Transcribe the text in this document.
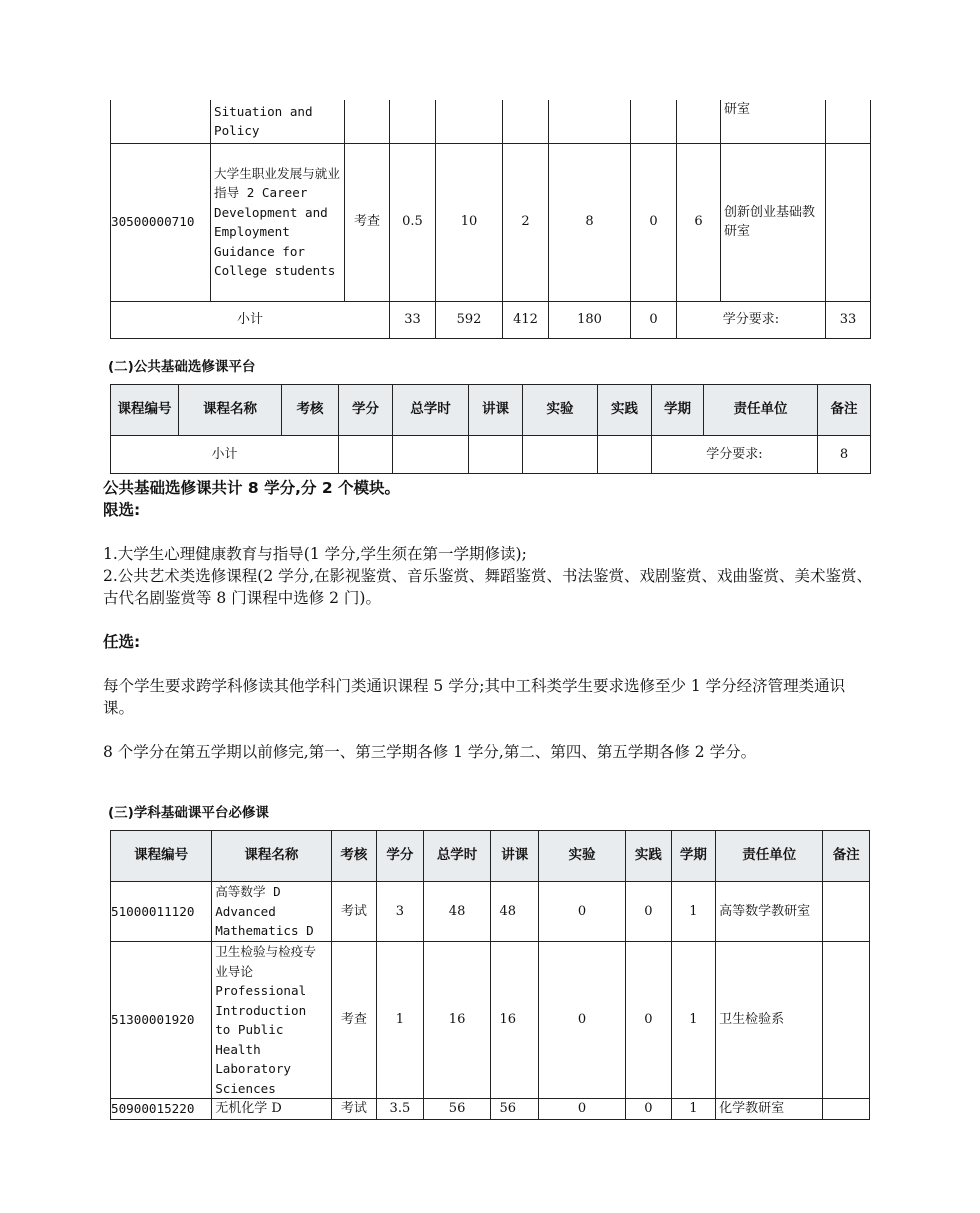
	Situation and Policy								研室	
30500000710	大学生职业发展与就业指导 2 Career Development and Employment Guidance for College students	考查	0.5	10	2	8	0	6	创新创业基础教研室	
小计			33	592	412	180	0	学分要求:		33
(二)公共基础选修课平台
课程编号	课程名称	考核	学分	总学时	讲课	实验	实践	学期	责任单位	备注
小计								学分要求:		8

公共基础选修课共计 8 学分,分 2 个模块。

限选:

1.大学生心理健康教育与指导(1 学分,学生须在第一学期修读);

2.公共艺术类选修课程(2 学分,在影视鉴赏、音乐鉴赏、舞蹈鉴赏、书法鉴赏、戏剧鉴赏、戏曲鉴赏、美术鉴赏、古代名剧鉴赏等 8 门课程中选修 2 门)。

任选:

每个学生要求跨学科修读其他学科门类通识课程 5 学分;其中工科类学生要求选修至少 1 学分经济管理类通识课。

8 个学分在第五学期以前修完,第一、第三学期各修 1 学分,第二、第四、第五学期各修 2 学分。

(三)学科基础课平台必修课
课程编号	课程名称	考核	学分	总学时	讲课	实验	实践	学期	责任单位	备注
51000011120	高等数学 D Advanced Mathematics D	考试	3	48	48	0	0	1	高等数学教研室	
51300001920	卫生检验与检疫专业导论 Professional Introduction to Public Health Laboratory Sciences	考查	1	16	16	0	0	1	卫生检验系	
50900015220	无机化学 D	考试	3.5	56	56	0	0	1	化学教研室	
